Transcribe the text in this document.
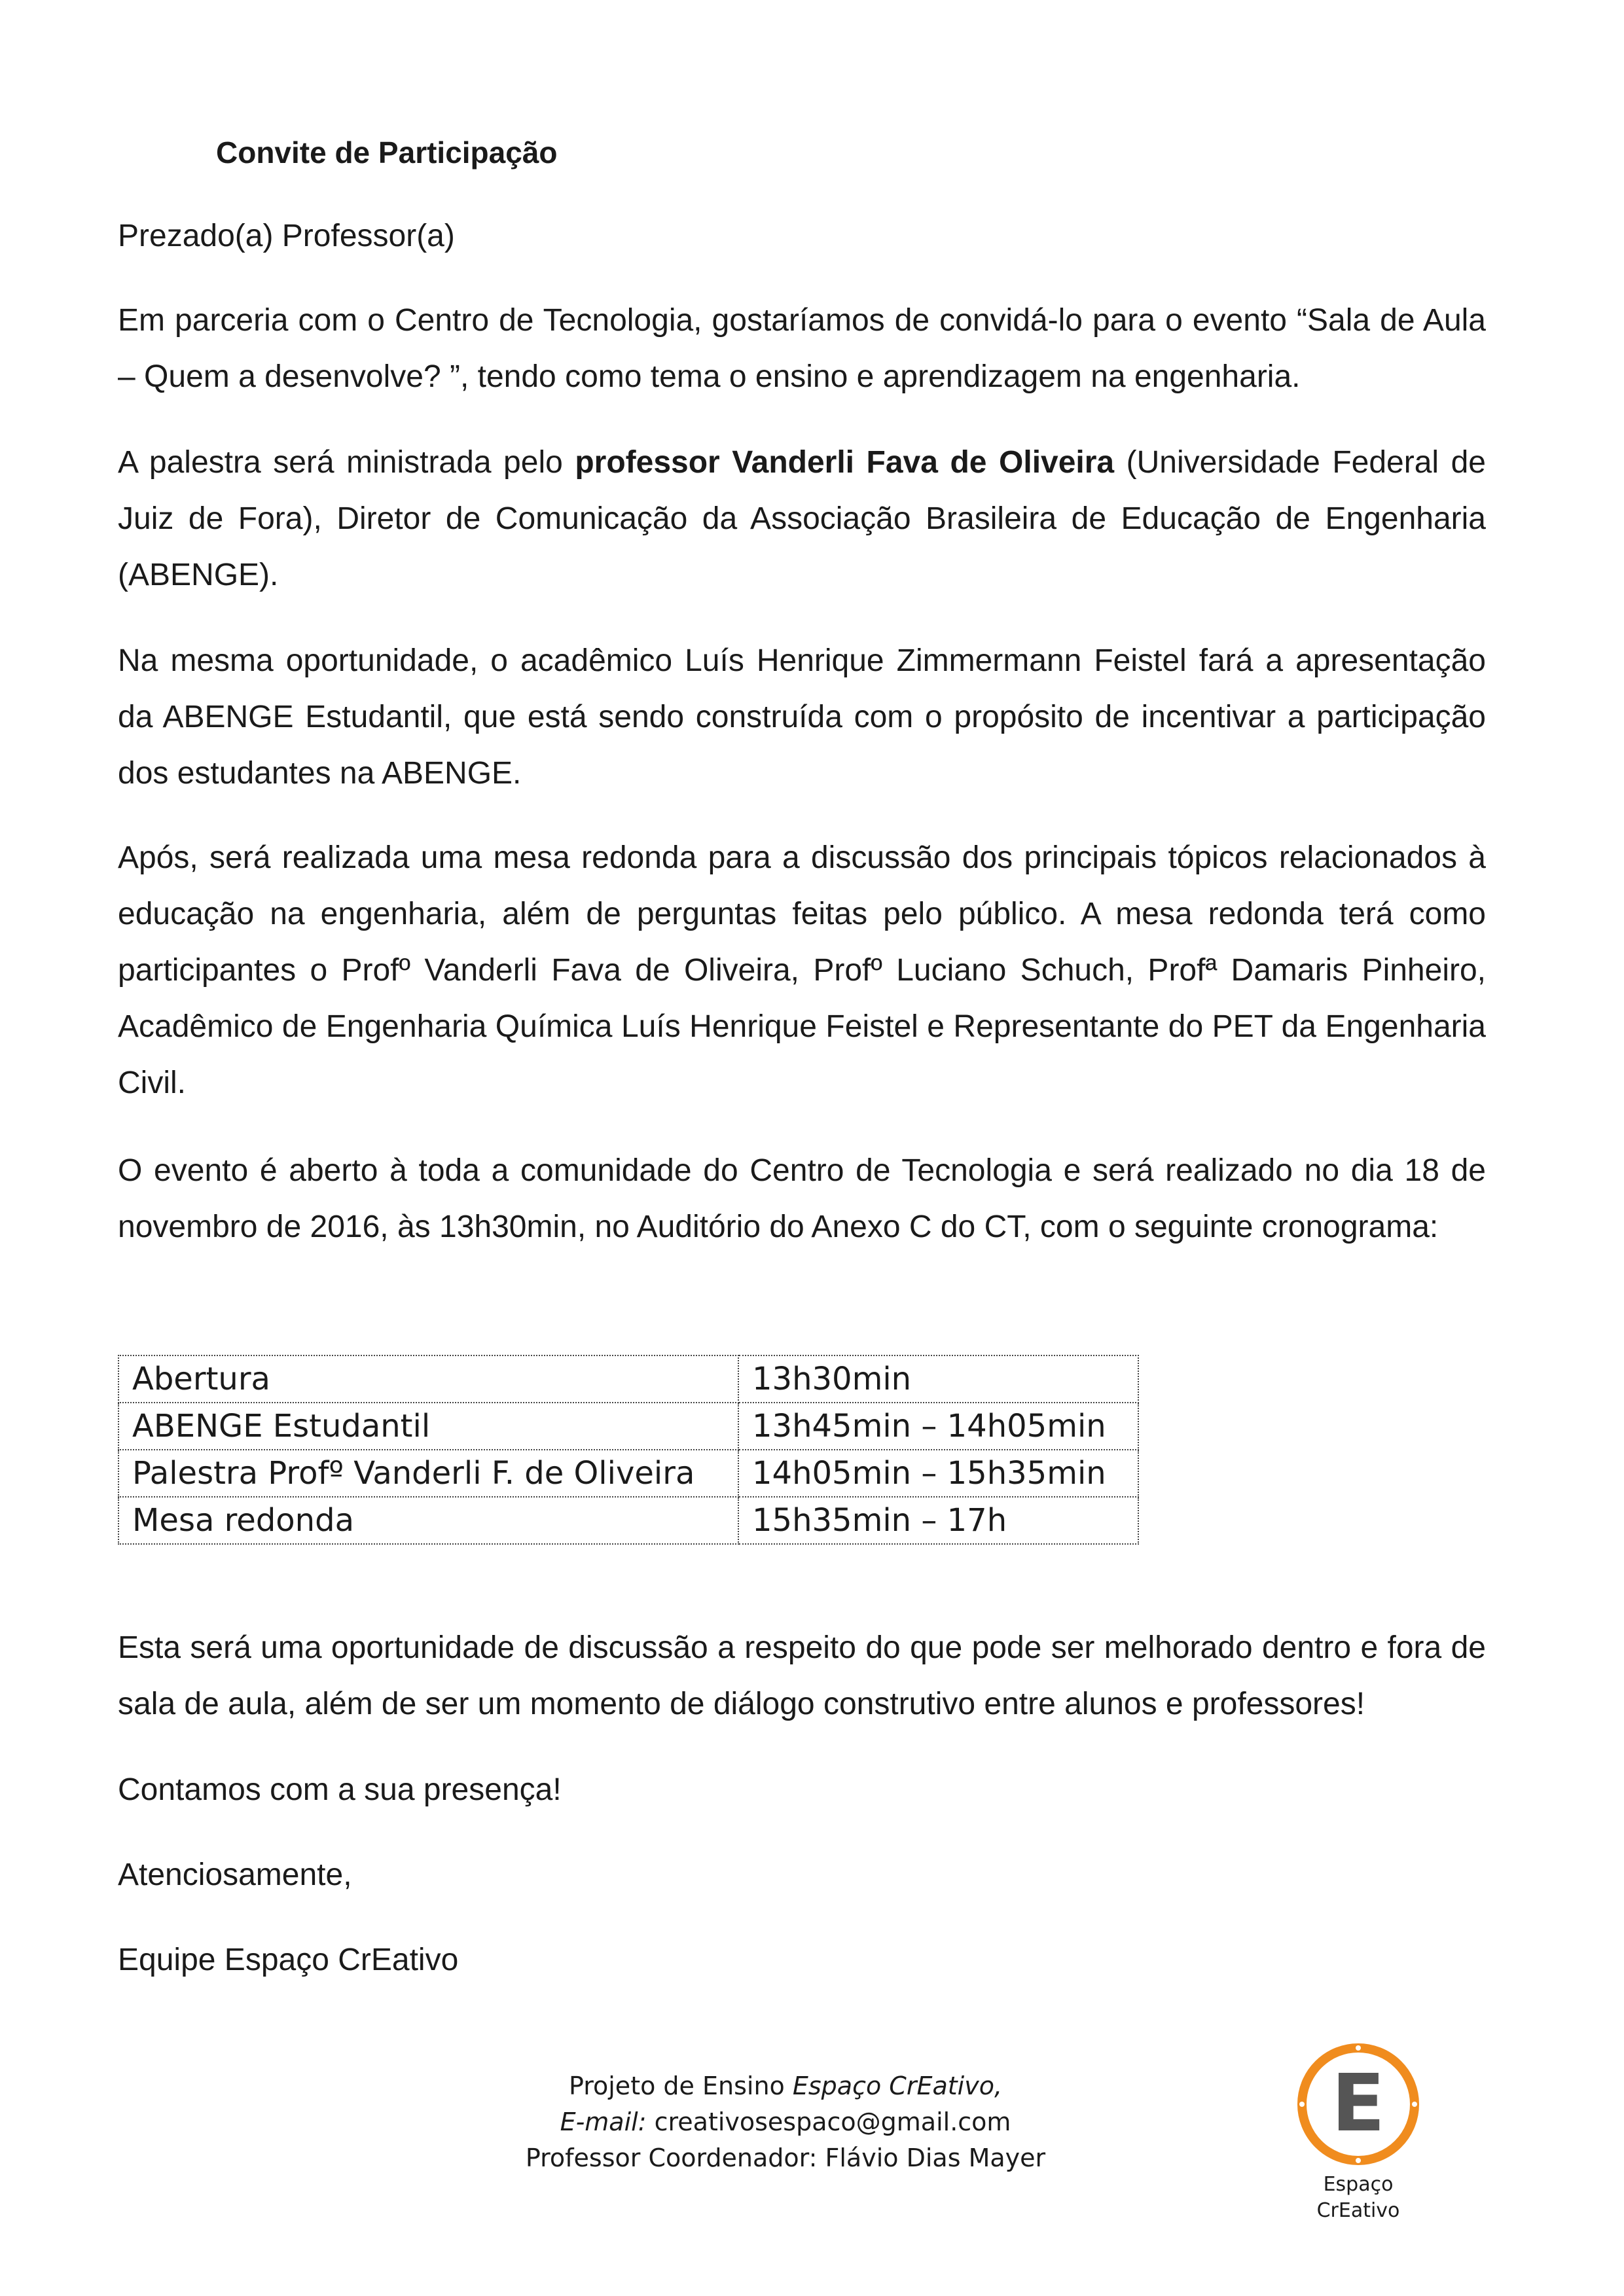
Convite de Participação

Prezado(a) Professor(a)

Em parceria com o Centro de Tecnologia, gostaríamos de convidá-lo para o evento “Sala de Aula – Quem a desenvolve? ”, tendo como tema o ensino e aprendizagem na engenharia.

A palestra será ministrada pelo professor Vanderli Fava de Oliveira (Universidade Federal de Juiz de Fora), Diretor de Comunicação da Associação Brasileira de Educação de Engenharia (ABENGE).

Na mesma oportunidade, o acadêmico Luís Henrique Zimmermann Feistel fará a apresentação da ABENGE Estudantil, que está sendo construída com o propósito de incentivar a participação dos estudantes na ABENGE.

Após, será realizada uma mesa redonda para a discussão dos principais tópicos relacionados à educação na engenharia, além de perguntas feitas pelo público. A mesa redonda terá como participantes o Profº Vanderli Fava de Oliveira, Profº Luciano Schuch, Profª Damaris Pinheiro, Acadêmico de Engenharia Química Luís Henrique Feistel e Representante do PET da Engenharia Civil.

O evento é aberto à toda a comunidade do Centro de Tecnologia e será realizado no dia 18 de novembro de 2016, às 13h30min, no Auditório do Anexo C do CT, com o seguinte cronograma:

Abertura	13h30min
ABENGE Estudantil	13h45min – 14h05min
Palestra Profº Vanderli F. de Oliveira	14h05min – 15h35min
Mesa redonda	15h35min – 17h

Esta será uma oportunidade de discussão a respeito do que pode ser melhorado dentro e fora de sala de aula, além de ser um momento de diálogo construtivo entre alunos e professores!

Contamos com a sua presença!

Atenciosamente,

Equipe Espaço CrEativo

Projeto de Ensino Espaço CrEativo,
E-mail: creativosespaco@gmail.com
Professor Coordenador: Flávio Dias Mayer
E
Espaço
CrEativo
